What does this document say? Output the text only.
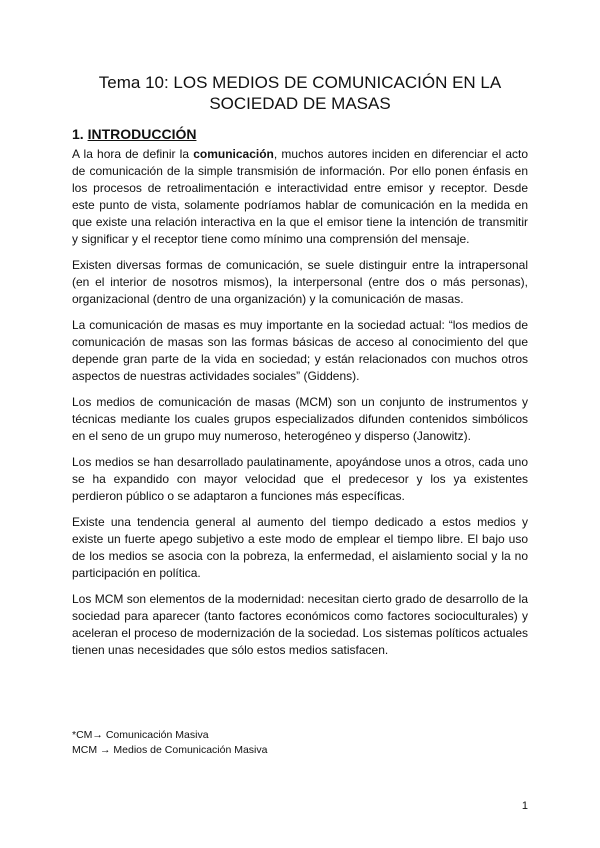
Tema 10: LOS MEDIOS DE COMUNICACIÓN EN LA
SOCIEDAD DE MASAS
1. INTRODUCCIÓN

A la hora de definir la comunicación, muchos autores inciden en diferenciar el acto de comunicación de la simple transmisión de información. Por ello ponen énfasis en los procesos de retroalimentación e interactividad entre emisor y receptor. Desde este punto de vista, solamente podríamos hablar de comunicación en la medida en que existe una relación interactiva en la que el emisor tiene la intención de transmitir y significar y el receptor tiene como mínimo una comprensión del mensaje.

Existen diversas formas de comunicación, se suele distinguir entre la intrapersonal (en el interior de nosotros mismos), la interpersonal (entre dos o más personas), organizacional (dentro de una organización) y la comunicación de masas.

La comunicación de masas es muy importante en la sociedad actual: “los medios de comunicación de masas son las formas básicas de acceso al conocimiento del que depende gran parte de la vida en sociedad; y están relacionados con muchos otros aspectos de nuestras actividades sociales” (Giddens).

Los medios de comunicación de masas (MCM) son un conjunto de instrumentos y técnicas mediante los cuales grupos especializados difunden contenidos simbólicos en el seno de un grupo muy numeroso, heterogéneo y disperso (Janowitz).

Los medios se han desarrollado paulatinamente, apoyándose unos a otros, cada uno se ha expandido con mayor velocidad que el predecesor y los ya existentes perdieron público o se adaptaron a funciones más específicas.

Existe una tendencia general al aumento del tiempo dedicado a estos medios y existe un fuerte apego subjetivo a este modo de emplear el tiempo libre. El bajo uso de los medios se asocia con la pobreza, la enfermedad, el aislamiento social y la no participación en política.

Los MCM son elementos de la modernidad: necesitan cierto grado de desarrollo de la sociedad para aparecer (tanto factores económicos como factores socioculturales) y aceleran el proceso de modernización de la sociedad. Los sistemas políticos actuales tienen unas necesidades que sólo estos medios satisfacen.

*CM→ Comunicación Masiva
MCM → Medios de Comunicación Masiva
1
